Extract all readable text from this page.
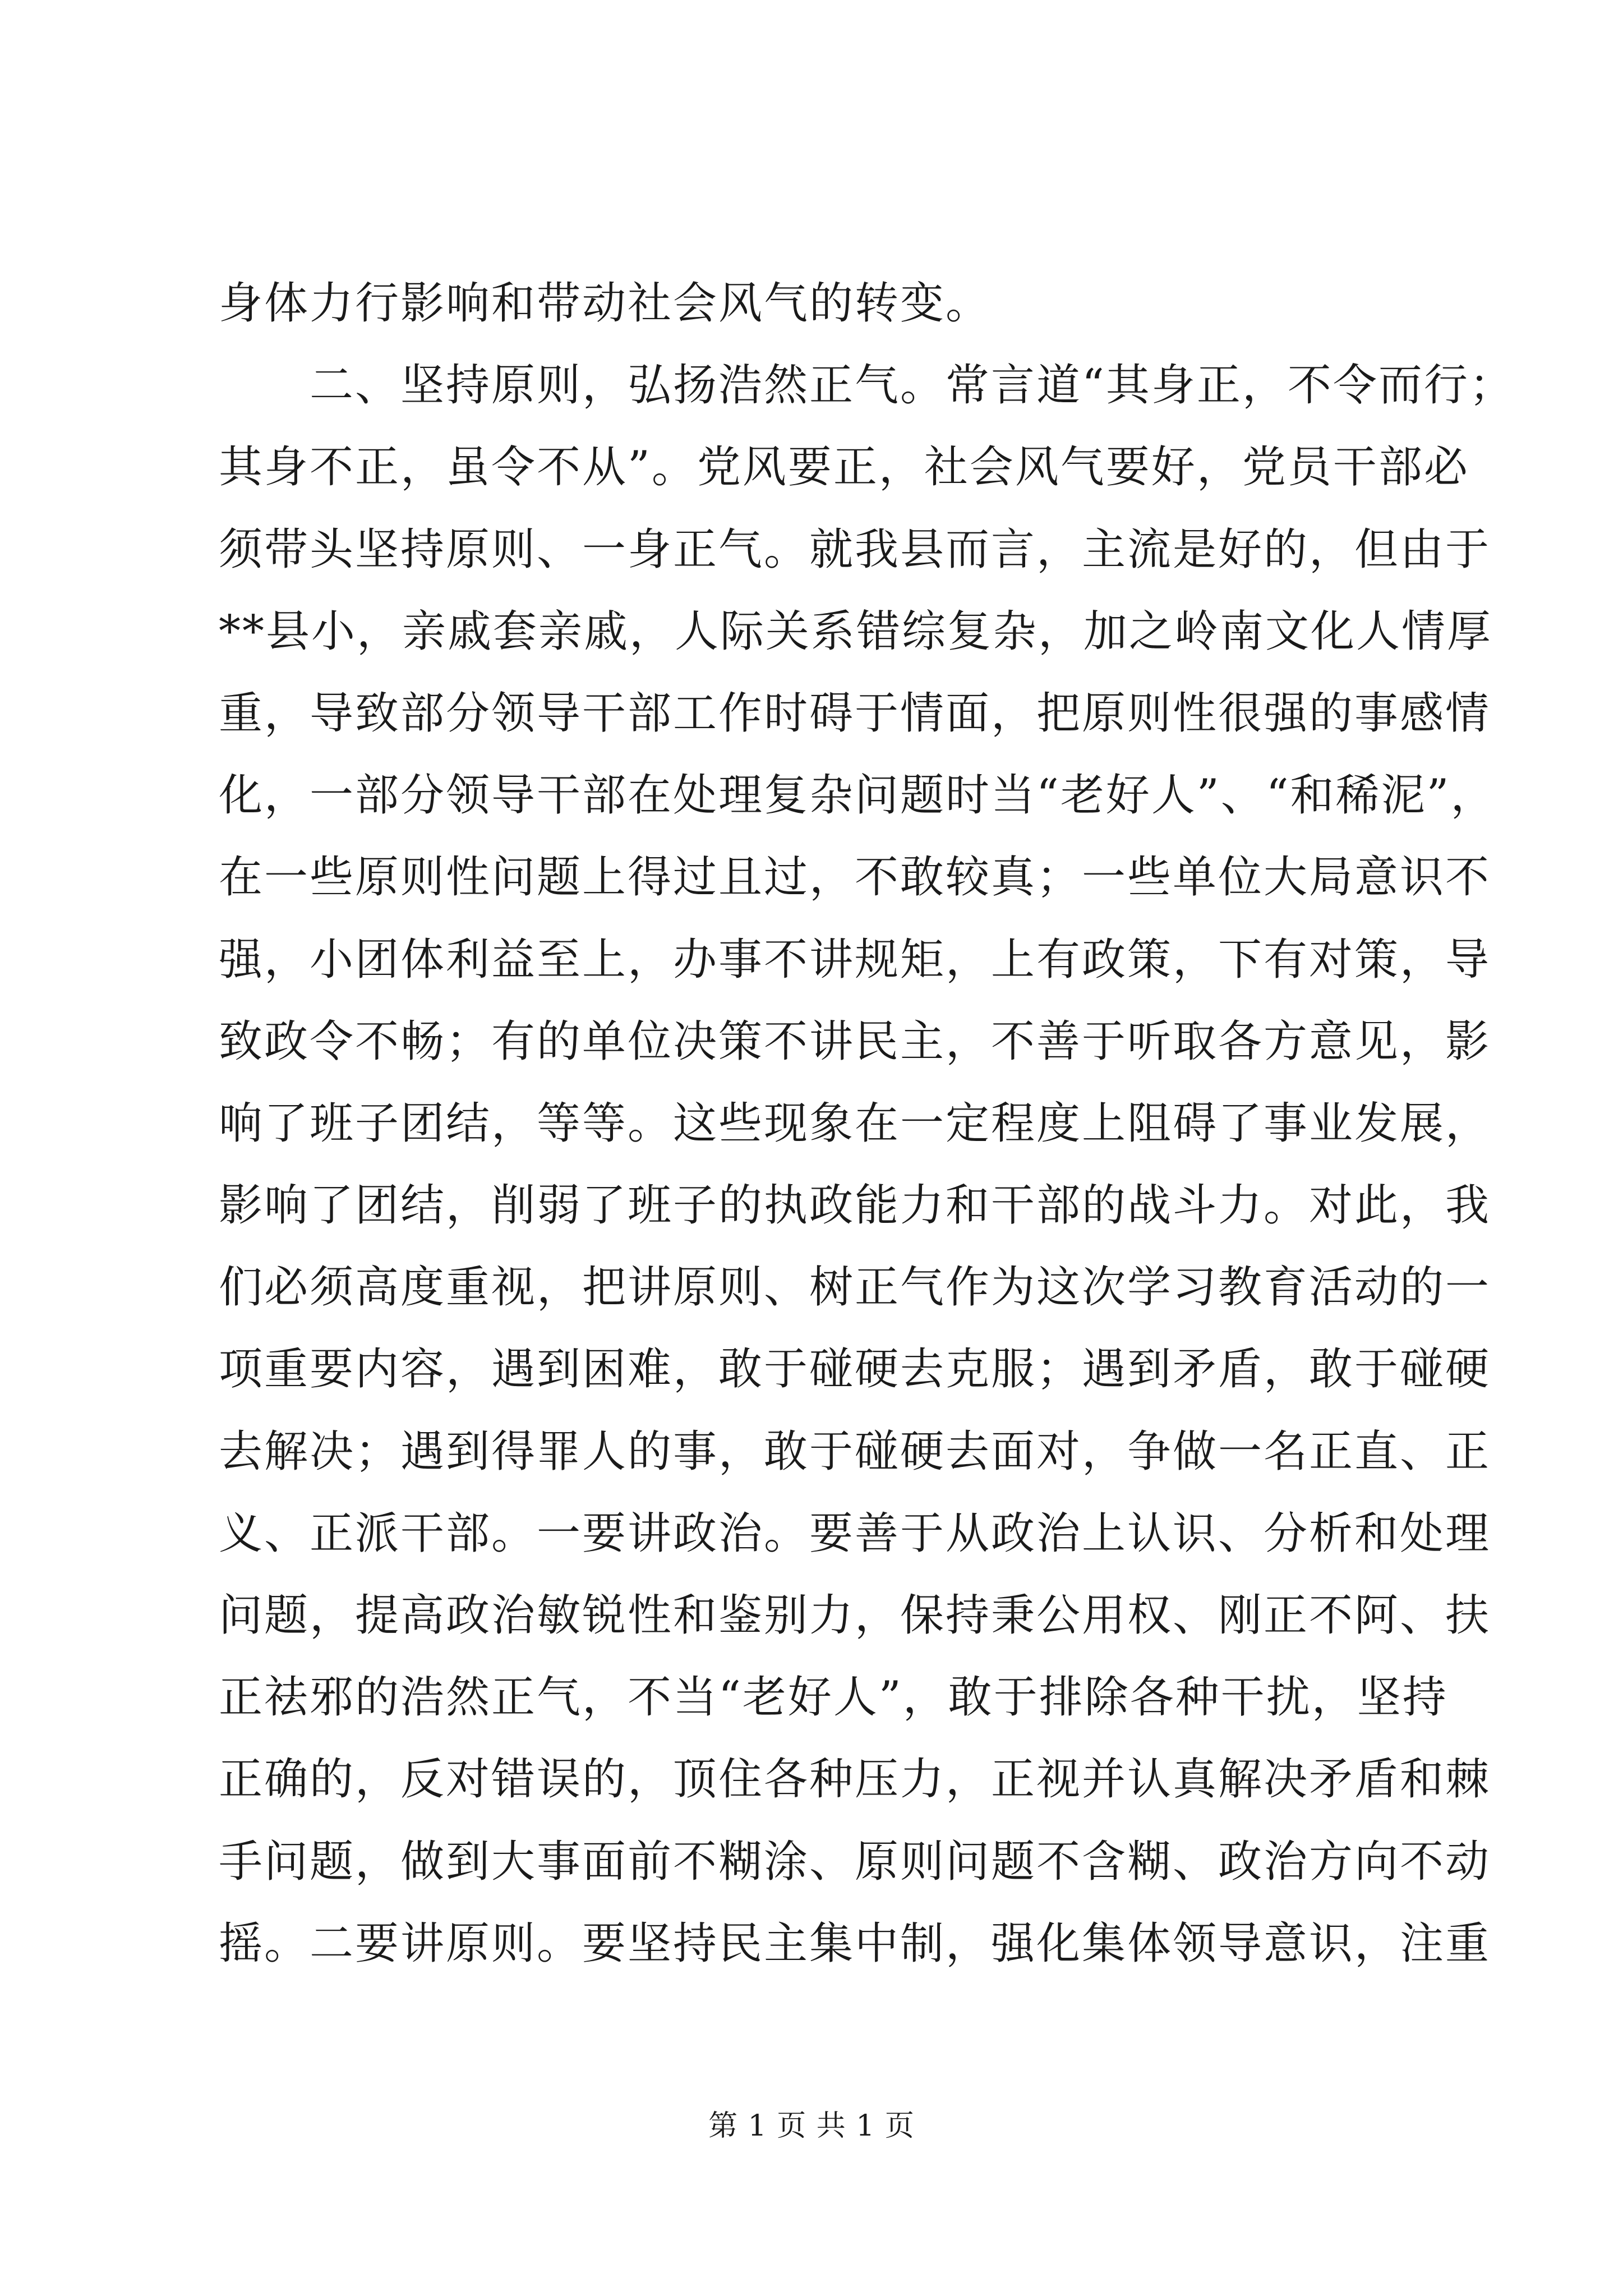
身体力行影响和带动社会风气的转变。
　　二、坚持原则，弘扬浩然正气。常言道“其身正，不令而行；
其身不正，虽令不从”。党风要正，社会风气要好，党员干部必
须带头坚持原则、一身正气。就我县而言，主流是好的，但由于
**县小，亲戚套亲戚，人际关系错综复杂，加之岭南文化人情厚
重，导致部分领导干部工作时碍于情面，把原则性很强的事感情
化，一部分领导干部在处理复杂问题时当“老好人”、“和稀泥”，
在一些原则性问题上得过且过，不敢较真；一些单位大局意识不
强，小团体利益至上，办事不讲规矩，上有政策，下有对策，导
致政令不畅；有的单位决策不讲民主，不善于听取各方意见，影
响了班子团结，等等。这些现象在一定程度上阻碍了事业发展，
影响了团结，削弱了班子的执政能力和干部的战斗力。对此，我
们必须高度重视，把讲原则、树正气作为这次学习教育活动的一
项重要内容，遇到困难，敢于碰硬去克服；遇到矛盾，敢于碰硬
去解决；遇到得罪人的事，敢于碰硬去面对，争做一名正直、正
义、正派干部。一要讲政治。要善于从政治上认识、分析和处理
问题，提高政治敏锐性和鉴别力，保持秉公用权、刚正不阿、扶
正祛邪的浩然正气，不当“老好人”，敢于排除各种干扰，坚持
正确的，反对错误的，顶住各种压力，正视并认真解决矛盾和棘
手问题，做到大事面前不糊涂、原则问题不含糊、政治方向不动
摇。二要讲原则。要坚持民主集中制，强化集体领导意识，注重
第 1 页 共 1 页
